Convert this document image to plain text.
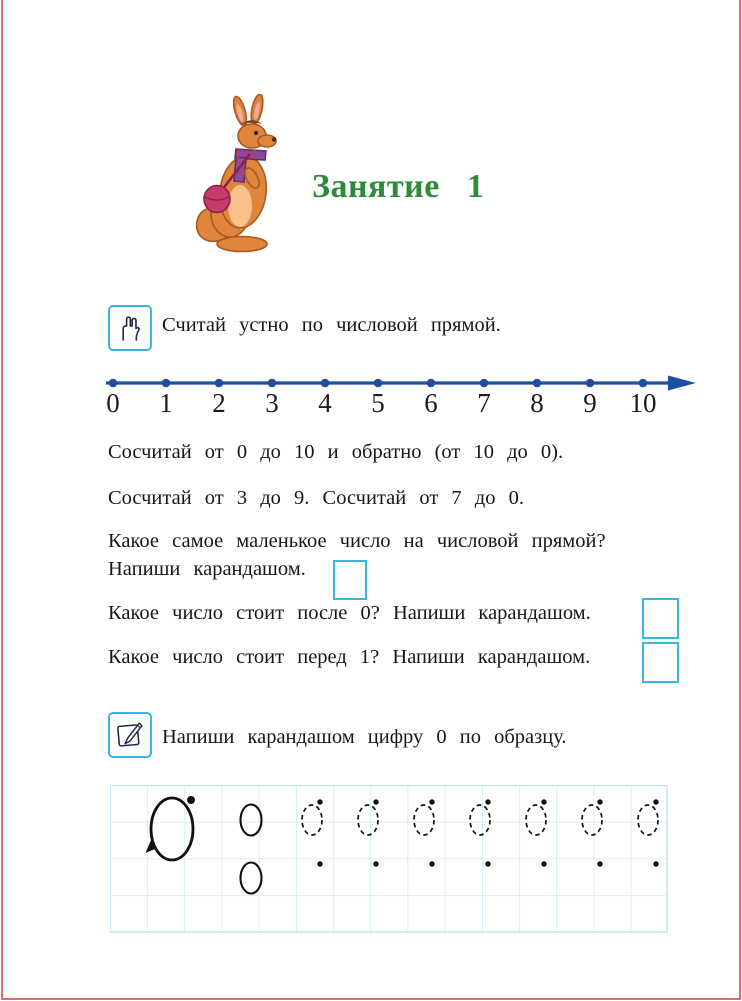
Занятие 1
Считай устно по числовой прямой.
0 1 2 3 4 5 6 7 8 9 10
Сосчитай от 0 до 10 и обратно (от 10 до 0).
Сосчитай от 3 до 9. Сосчитай от 7 до 0.
Какое самое маленькое число на числовой прямой?
Напиши карандашом.
Какое число стоит после 0? Напиши карандашом.
Какое число стоит перед 1? Напиши карандашом.
Напиши карандашом цифру 0 по образцу.
